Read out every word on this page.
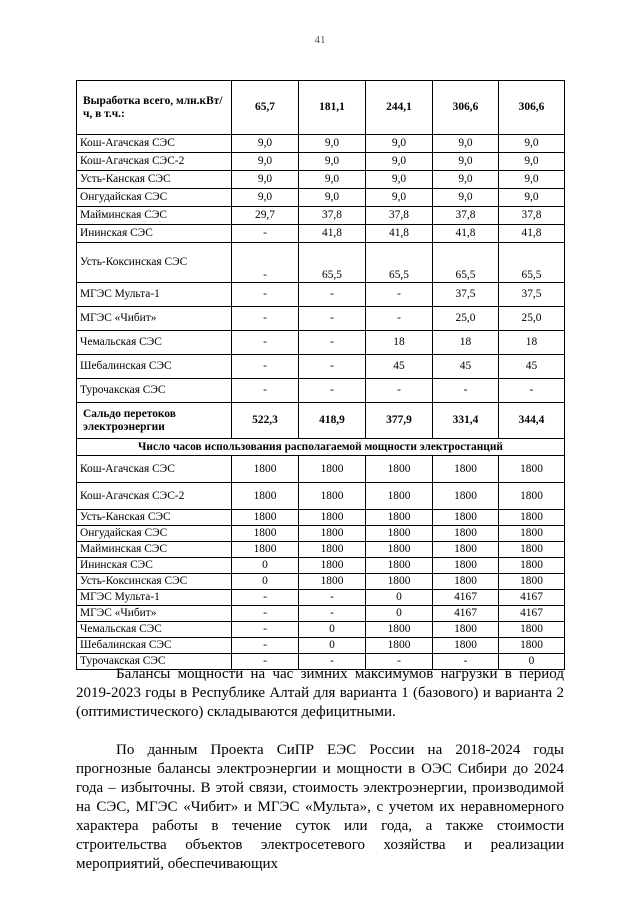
41
Выработка всего, млн.кВт/ч, в т.ч.:	65,7	181,1	244,1	306,6	306,6
Кош-Агачская СЭС	9,0	9,0	9,0	9,0	9,0
Кош-Агачская СЭС-2	9,0	9,0	9,0	9,0	9,0
Усть-Канская СЭС	9,0	9,0	9,0	9,0	9,0
Онгудайская СЭС	9,0	9,0	9,0	9,0	9,0
Майминская СЭС	29,7	37,8	37,8	37,8	37,8
Ининская СЭС	-	41,8	41,8	41,8	41,8
Усть-Коксинская СЭС	-	65,5	65,5	65,5	65,5
МГЭС Мульта-1	-	-	-	37,5	37,5
МГЭС «Чибит»	-	-	-	25,0	25,0
Чемальская СЭС	-	-	18	18	18
Шебалинская СЭС	-	-	45	45	45
Турочакская СЭС	-	-	-	-	-
Сальдо перетоков электроэнергии	522,3	418,9	377,9	331,4	344,4
Число часов использования располагаемой мощности электростанций					
Кош-Агачская СЭС	1800	1800	1800	1800	1800
Кош-Агачская СЭС-2	1800	1800	1800	1800	1800
Усть-Канская СЭС	1800	1800	1800	1800	1800
Онгудайская СЭС	1800	1800	1800	1800	1800
Майминская СЭС	1800	1800	1800	1800	1800
Ининская СЭС	0	1800	1800	1800	1800
Усть-Коксинская СЭС	0	1800	1800	1800	1800
МГЭС Мульта-1	-	-	0	4167	4167
МГЭС «Чибит»	-	-	0	4167	4167
Чемальская СЭС	-	0	1800	1800	1800
Шебалинская СЭС	-	0	1800	1800	1800
Турочакская СЭС	-	-	-	-	0

Балансы мощности на час зимних максимумов нагрузки в период 2019-2023 годы в Республике Алтай для варианта 1 (базового) и варианта 2 (оптимистического) складываются дефицитными.

По данным Проекта СиПР ЕЭС России на 2018-2024 годы прогнозные балансы электроэнергии и мощности в ОЭС Сибири до 2024 года – избыточны. В этой связи, стоимость электроэнергии, производимой на СЭС, МГЭС «Чибит» и МГЭС «Мульта», с учетом их неравномерного характера работы в течение суток или года, а также стоимости строительства объектов электросетевого хозяйства и реализации мероприятий, обеспечивающих
